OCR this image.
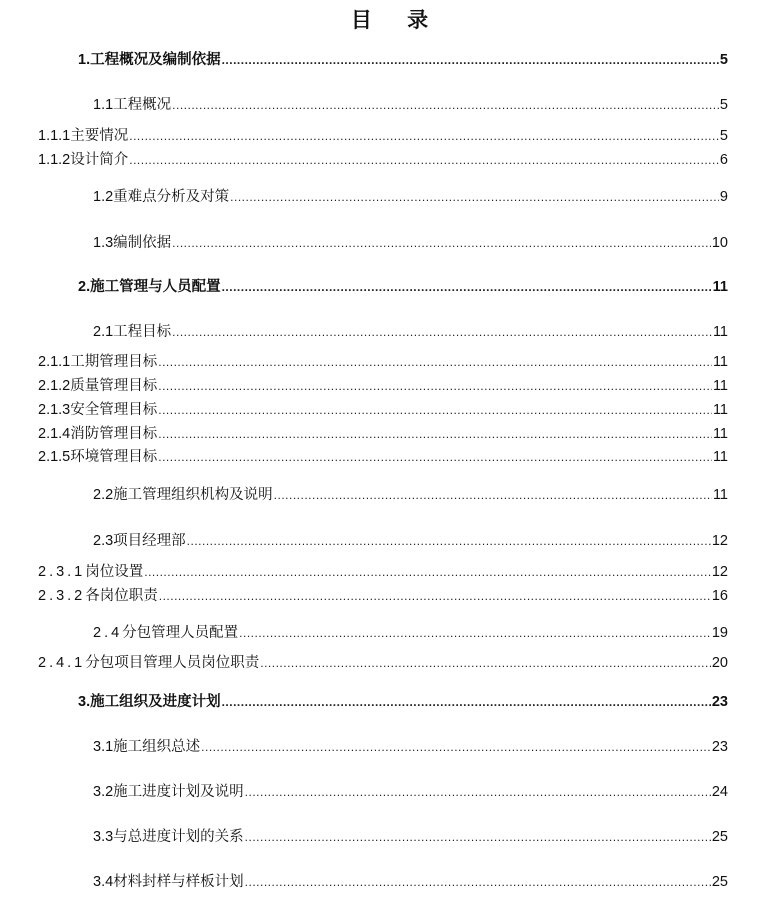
目 录
1. 工程概况及编制依据 .....	5
1.1 工程概况 .....	5
1.1.1 主要情况 .....	5
1.1.2 设计简介 .....	6
1.2 重难点分析及对策 .....	9
1.3 编制依据 .....	10
2. 施工管理与人员配置 .....	11
2.1 工程目标 .....	11
2.1.1 工期管理目标 .....	11
2.1.2 质量管理目标 .....	11
2.1.3 安全管理目标 .....	11
2.1.4 消防管理目标 .....	11
2.1.5 环境管理目标 .....	11
2.2 施工管理组织机构及说明 .....	11
2.3 项目经理部 .....	12
2.3.1 岗位设置 .....	12
2.3.2 各岗位职责 .....	16
2.4 分包管理人员配置 .....	19
2.4.1 分包项目管理人员岗位职责 .....	20
3. 施工组织及进度计划 .....	23
3.1 施工组织总述 .....	23
3.2 施工进度计划及说明 .....	24
3.3 与总进度计划的关系 .....	25
3.4 材料封样与样板计划 .....	25
